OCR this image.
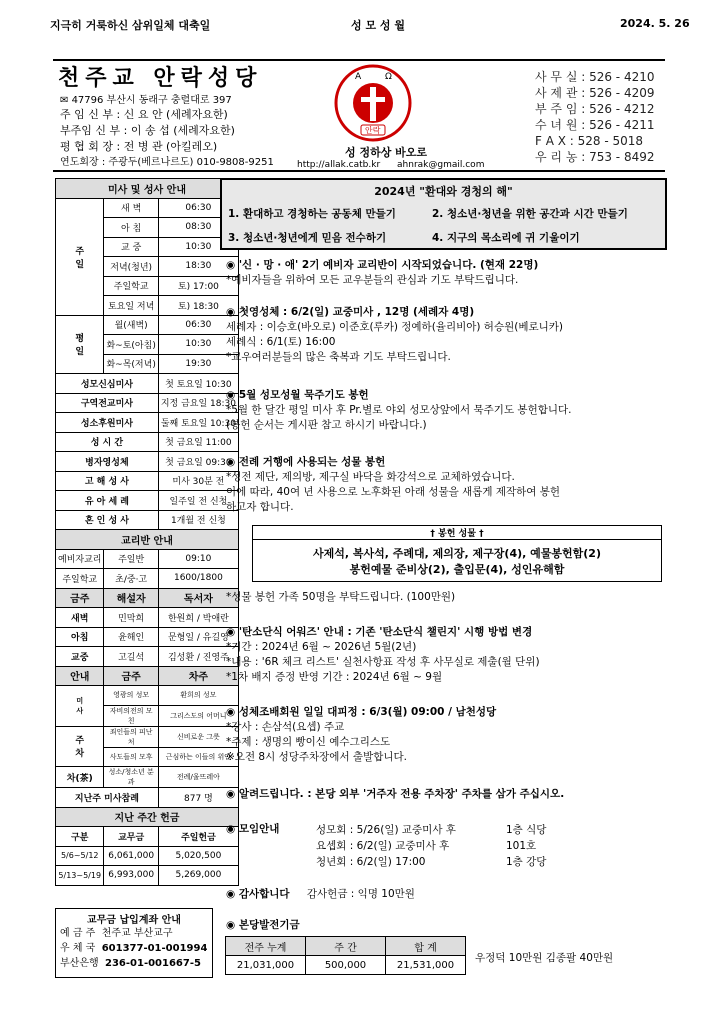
지극히 거룩하신 삼위일체 대축일	성 모 성 월	2024. 5. 26
천주교 안락성당
✉ 47796 부산시 동래구 충렬대로 397
주 임 신 부 : 신 요 안 (세례자요한)
부주임 신 부 : 이 송 섭 (세례자요한)
평 협 회 장 : 전 병 관 (아킬레오)
연도회장 : 주광두(베르나르도) 010-9808-9251
A	Ω
안락
성 정하상 바오로
http://allak.catb.kr ahnrak@gmail.com
사 무 실 : 526 - 4210
사 제 관 : 526 - 4209
부 주 임 : 526 - 4212
수 녀 원 : 526 - 4211
F A X : 528 - 5018
우 리 농 : 753 - 8492
미사 및 성사 안내		
주
일	새 벽	06:30
	아 침	08:30
	교 중	10:30
	저녁(청년)	18:30
	주일학교	토) 17:00
	토요일 저녁	토) 18:30
평
일	월(새벽)	06:30
	화~토(아침)	10:30
	화~목(저녁)	19:30
성모신심미사		첫 토요일 10:30
구역전교미사		지정 금요일 18:30
성소후원미사		둘째 토요일 10:30
성 시 간		첫 금요일 11:00
병자영성체		첫 금요일 09:30
고 해 성 사		미사 30분 전
유 아 세 례		일주일 전 신청
혼 인 성 사		1개월 전 신청
교리반 안내		
예비자교리	주일반	09:10
주일학교	초/중·고	1600/1800
금주	해설자	독서자
새벽	민막희	한원희 / 박애란
아침	윤해인	문형일 / 유길영
교중	고길석	김성환 / 진영주
안내	금주	차주
미
사	영광의 성모	환희의 성모
	자비의전의 모친	그리스도의 어머니
주
차	죄인들의 피난처	신비로운 그릇
	사도들의 모후	근심하는 이들의 위안
차(茶)	성소/청소년 분과	전례/울뜨레아
지난주 미사참례		877 명
지난 주간 헌금		
구분	교무금	주일헌금
5/6~5/12	6,061,000	5,020,500
5/13~5/19	6,993,000	5,269,000
교무금 납입계좌 안내
예 금 주 천주교 부산교구
우 체 국 601377-01-001994
부산은행 236-01-001667-5
2024년 "환대와 경청의 해"
1. 환대하고 경청하는 공동체 만들기	2. 청소년·청년을 위한 공간과 시간 만들기
3. 청소년·청년에게 믿음 전수하기	4. 지구의 목소리에 귀 기울이기
◉ '신 · 망 · 애' 2기 예비자 교리반이 시작되었습니다. (현재 22명)
*예비자들을 위하여 모든 교우분들의 관심과 기도 부탁드립니다.
◉ 첫영성체 : 6/2(일) 교중미사 , 12명 (세례자 4명)
세례자 : 이승호(바오로) 이준호(루카) 정예하(율리비아) 허승원(베로니카)
세례식 : 6/1(토) 16:00
*교우여러분들의 많은 축복과 기도 부탁드립니다.
◉ 5월 성모성월 묵주기도 봉헌
*5월 한 달간 평일 미사 후 Pr.별로 야외 성모상앞에서 묵주기도 봉헌합니다.
(봉헌 순서는 게시판 참고 하시기 바랍니다.)
◉ 전례 거행에 사용되는 성물 봉헌
*성전 제단, 제의방, 제구실 바닥을 화강석으로 교체하였습니다.
이에 따라, 40여 년 사용으로 노후화된 아래 성물을 새롭게 제작하여 봉헌
하고자 합니다.
† 봉헌 성물 †
사제석, 복사석, 주례대, 제의장, 제구장(4), 예물봉헌함(2)
봉헌예물 준비상(2), 출입문(4), 성인유해함
*성물 봉헌 가족 50명을 부탁드립니다. (100만원)
◉ '탄소단식 어워즈' 안내 : 기존 '탄소단식 챌린지' 시행 방법 변경
*기간 : 2024년 6월 ~ 2026년 5월(2년)
*내용 : '6R 체크 리스트' 실천사항표 작성 후 사무실로 제출(월 단위)
*1차 배지 증정 반영 기간 : 2024년 6월 ~ 9월
◉ 성체조배회원 일일 대피정 : 6/3(월) 09:00 / 남천성당
*강사 : 손삼석(요셉) 주교
*주제 : 생명의 빵이신 예수그리스도
※오전 8시 성당주차장에서 출발합니다.
◉ 알려드립니다. : 본당 외부 '거주자 전용 주차장' 주차를 삼가 주십시오.
◉ 모임안내	성모회 : 5/26(일) 교중미사 후	1층 식당
요셉회 : 6/2(일) 교중미사 후	101호
청년회 : 6/2(일) 17:00	1층 강당
◉ 감사합니다 감사헌금 : 익명 10만원
◉ 본당발전기금
전주 누계	주 간	합 계
21,031,000	500,000	21,531,000
우정덕 10만원 김종팔 40만원
